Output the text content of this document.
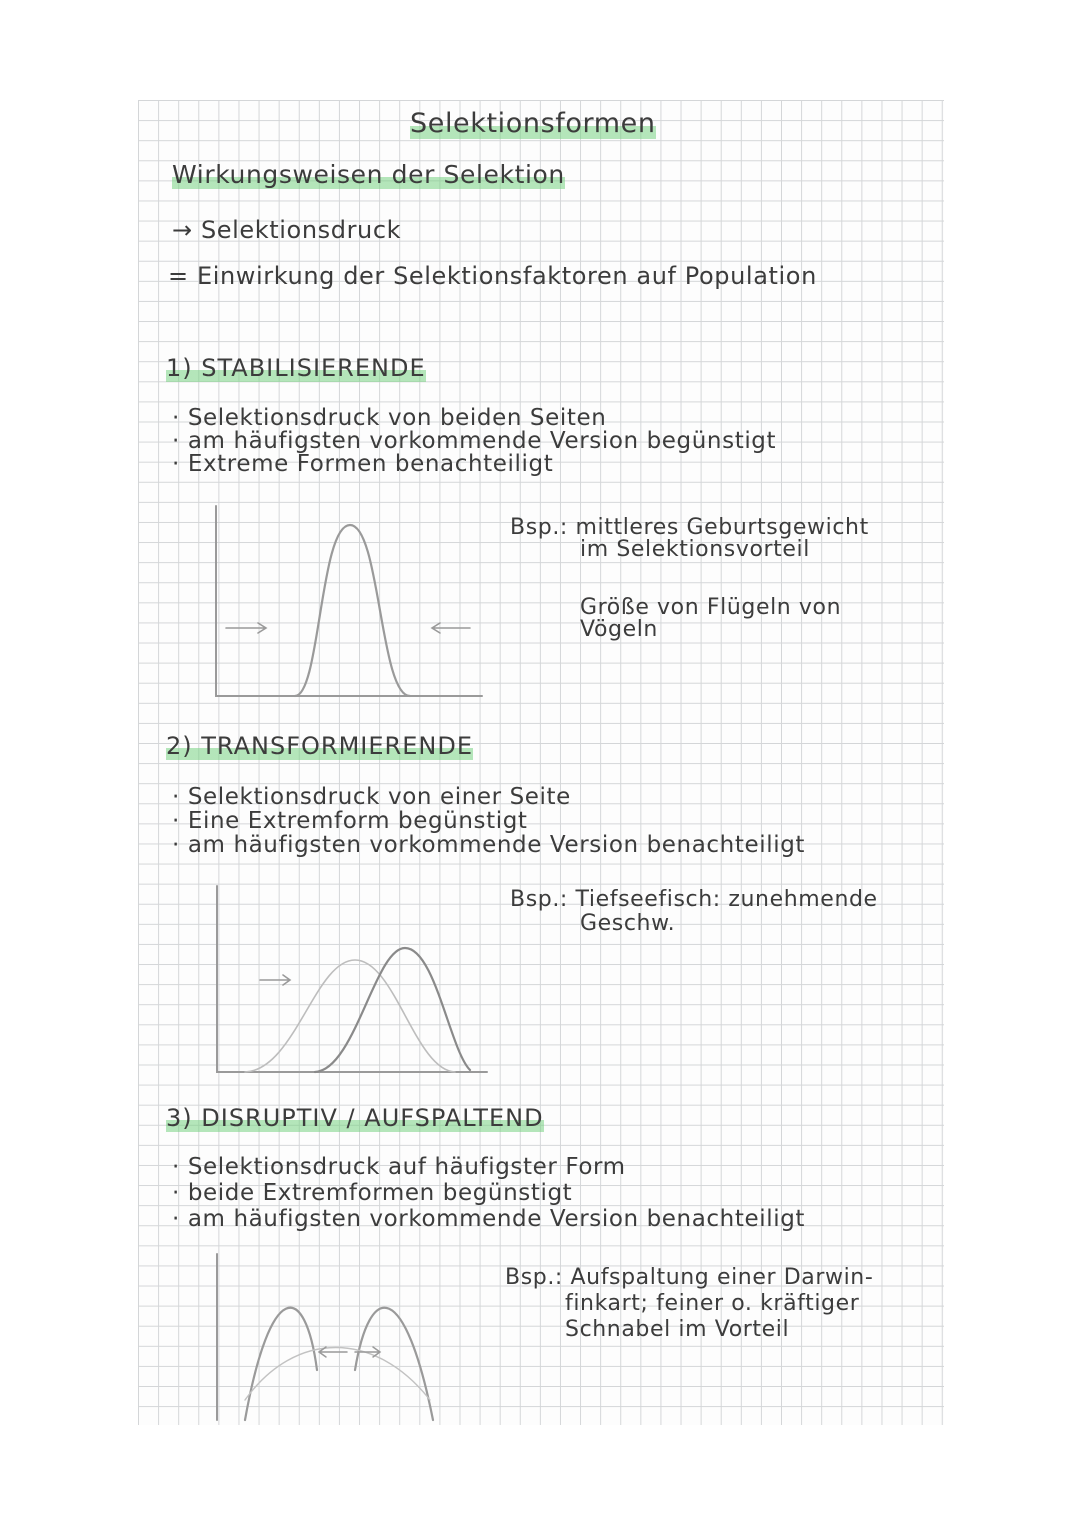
Selektionsformen
Wirkungsweisen der Selektion
→ Selektionsdruck
= Einwirkung der Selektionsfaktoren auf Population
1) STABILISIERENDE
· Selektionsdruck von beiden Seiten
· am häufigsten vorkommende Version begünstigt
· Extreme Formen benachteiligt
Bsp.: mittleres Geburtsgewicht
im Selektionsvorteil
Größe von Flügeln von
Vögeln
2) TRANSFORMIERENDE
· Selektionsdruck von einer Seite
· Eine Extremform begünstigt
· am häufigsten vorkommende Version benachteiligt
Bsp.: Tiefseefisch: zunehmende
Geschw.
3) DISRUPTIV / AUFSPALTEND
· Selektionsdruck auf häufigster Form
· beide Extremformen begünstigt
· am häufigsten vorkommende Version benachteiligt
Bsp.: Aufspaltung einer Darwin-
finkart; feiner o. kräftiger
Schnabel im Vorteil
